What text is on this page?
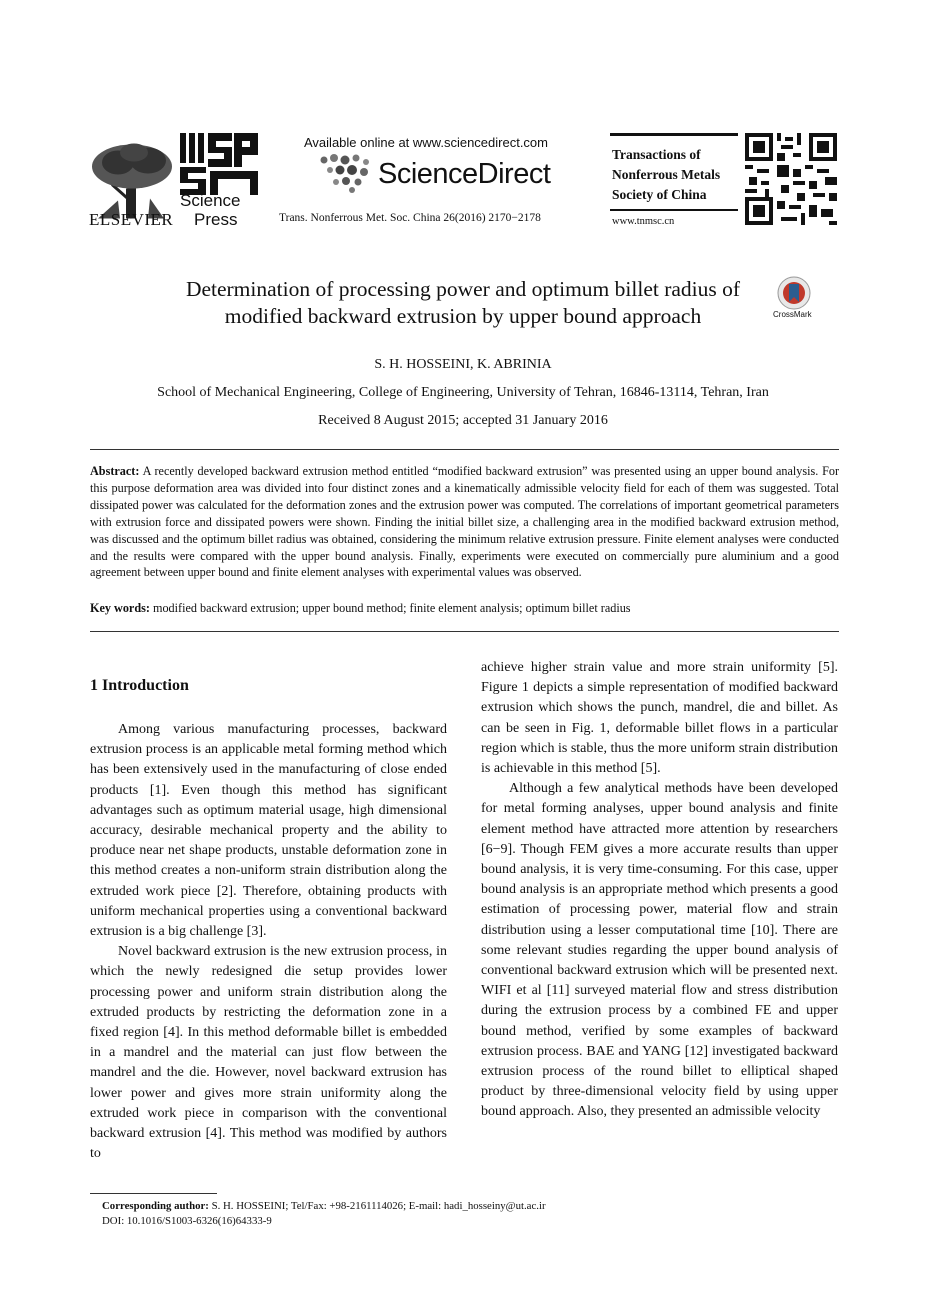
ELSEVIER
Science
Press
Available online at www.sciencedirect.com
ScienceDirect
Trans. Nonferrous Met. Soc. China 26(2016) 2170−2178
Transactions of
Nonferrous Metals
Society of China
www.tnmsc.cn
Determination of processing power and optimum billet radius of
modified backward extrusion by upper bound approach	CrossMark
S. H. HOSSEINI, K. ABRINIA
School of Mechanical Engineering, College of Engineering, University of Tehran, 16846-13114, Tehran, Iran
Received 8 August 2015; accepted 31 January 2016
Abstract: A recently developed backward extrusion method entitled “modified backward extrusion” was presented using an upper bound analysis. For this purpose deformation area was divided into four distinct zones and a kinematically admissible velocity field for each of them was suggested. Total dissipated power was calculated for the deformation zones and the extrusion power was computed. The correlations of important geometrical parameters with extrusion force and dissipated powers were shown. Finding the initial billet size, a challenging area in the modified backward extrusion method, was discussed and the optimum billet radius was obtained, considering the minimum relative extrusion pressure. Finite element analyses were conducted and the results were compared with the upper bound analysis. Finally, experiments were executed on commercially pure aluminium and a good agreement between upper bound and finite element analyses with experimental values was observed.
Key words: modified backward extrusion; upper bound method; finite element analysis; optimum billet radius
1 Introduction

Among various manufacturing processes, backward extrusion process is an applicable metal forming method which has been extensively used in the manufacturing of close ended products [1]. Even though this method has significant advantages such as optimum material usage, high dimensional accuracy, desirable mechanical property and the ability to produce near net shape products, unstable deformation zone in this method creates a non-uniform strain distribution along the extruded work piece [2]. Therefore, obtaining products with uniform mechanical properties using a conventional backward extrusion is a big challenge [3].

Novel backward extrusion is the new extrusion process, in which the newly redesigned die setup provides lower processing power and uniform strain distribution along the extruded products by restricting the deformation zone in a fixed region [4]. In this method deformable billet is embedded in a mandrel and the material can just flow between the mandrel and the die. However, novel backward extrusion has lower power and gives more strain uniformity along the extruded work piece in comparison with the conventional backward extrusion [4]. This method was modified by authors to

achieve higher strain value and more strain uniformity [5]. Figure 1 depicts a simple representation of modified backward extrusion which shows the punch, mandrel, die and billet. As can be seen in Fig. 1, deformable billet flows in a particular region which is stable, thus the more uniform strain distribution is achievable in this method [5].

Although a few analytical methods have been developed for metal forming analyses, upper bound analysis and finite element method have attracted more attention by researchers [6−9]. Though FEM gives a more accurate results than upper bound analysis, it is very time-consuming. For this case, upper bound analysis is an appropriate method which presents a good estimation of processing power, material flow and strain distribution using a lesser computational time [10]. There are some relevant studies regarding the upper bound analysis of conventional backward extrusion which will be presented next. WIFI et al [11] surveyed material flow and stress distribution during the extrusion process by a combined FE and upper bound method, verified by some examples of backward extrusion process. BAE and YANG [12] investigated backward extrusion process of the round billet to elliptical shaped product by three-dimensional velocity field by using upper bound approach. Also, they presented an admissible velocity

Corresponding author: S. H. HOSSEINI; Tel/Fax: +98-2161114026; E-mail: hadi_hosseiny@ut.ac.ir
DOI: 10.1016/S1003-6326(16)64333-9
